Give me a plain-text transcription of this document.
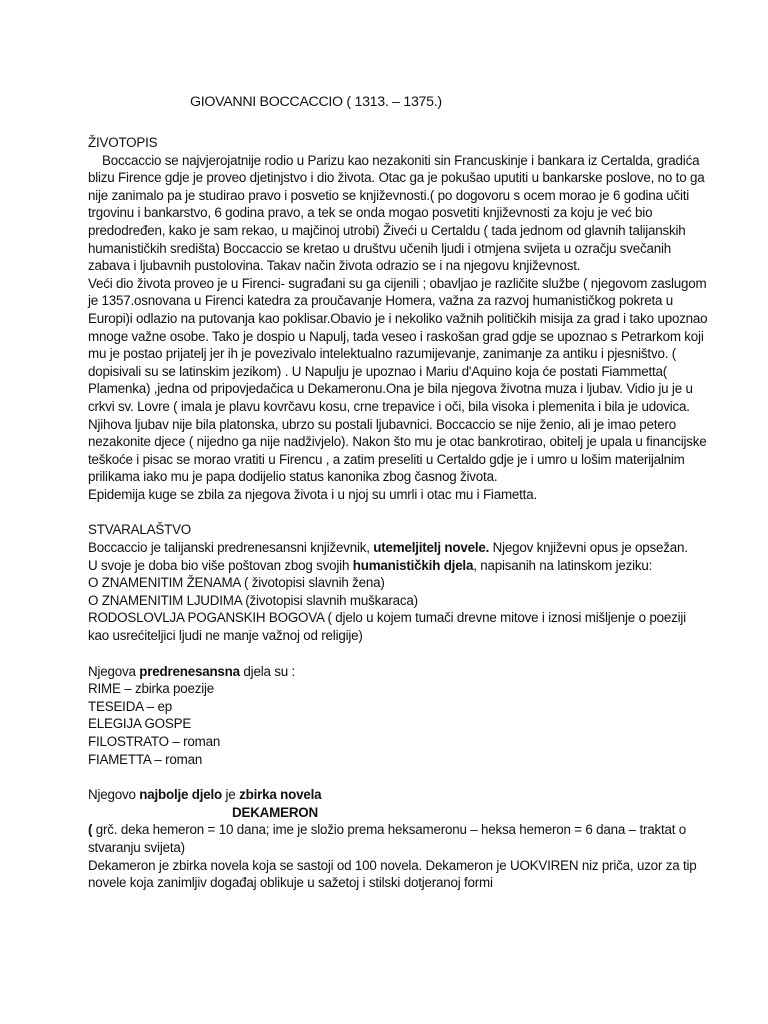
GIOVANNI BOCCACCIO ( 1313. – 1375.)
ŽIVOTOPIS

Boccaccio se najvjerojatnije rodio u Parizu kao nezakoniti sin Francuskinje i bankara iz Certalda, gradića blizu Firence gdje je proveo djetinjstvo i dio života. Otac ga je pokušao uputiti u bankarske poslove, no to ga nije zanimalo pa je studirao pravo i posvetio se književnosti.( po dogovoru s ocem morao je 6 godina učiti trgovinu i bankarstvo, 6 godina pravo, a tek se onda mogao posvetiti književnosti za koju je već bio predodređen, kako je sam rekao, u majčinoj utrobi) Živeći u Certaldu ( tada jednom od glavnih talijanskih humanističkih središta) Boccaccio se kretao u društvu učenih ljudi i otmjena svijeta u ozračju svečanih zabava i ljubavnih pustolovina. Takav način života odrazio se i na njegovu književnost.

Veći dio života proveo je u Firenci- sugrađani su ga cijenili ; obavljao je različite službe ( njegovom zaslugom je 1357.osnovana u Firenci katedra za proučavanje Homera, važna za razvoj humanističkog pokreta u Europi)i odlazio na putovanja kao poklisar.Obavio je i nekoliko važnih političkih misija za grad i tako upoznao mnoge važne osobe. Tako je dospio u Napulj, tada veseo i raskošan grad gdje se upoznao s Petrarkom koji mu je postao prijatelj jer ih je povezivalo intelektualno razumijevanje, zanimanje za antiku i pjesništvo. ( dopisivali su se latinskim jezikom) . U Napulju je upoznao i Mariu d'Aquino koja će postati Fiammetta( Plamenka) ,jedna od pripovjedačica u Dekameronu.Ona je bila njegova životna muza i ljubav. Vidio ju je u crkvi sv. Lovre ( imala je plavu kovrčavu kosu, crne trepavice i oči, bila visoka i plemenita i bila je udovica. Njihova ljubav nije bila platonska, ubrzo su postali ljubavnici. Boccaccio se nije ženio, ali je imao petero nezakonite djece ( nijedno ga nije nadživjelo). Nakon što mu je otac bankrotirao, obitelj je upala u financijske teškoće i pisac se morao vratiti u Firencu , a zatim preseliti u Certaldo gdje je i umro u lošim materijalnim prilikama iako mu je papa dodijelio status kanonika zbog časnog života.

Epidemija kuge se zbila za njegova života i u njoj su umrli i otac mu i Fiametta.

STVARALAŠTVO

Boccaccio je talijanski predrenesansni književnik, utemeljitelj novele. Njegov književni opus je opsežan.

U svoje je doba bio više poštovan zbog svojih humanističkih djela, napisanih na latinskom jeziku:

O ZNAMENITIM ŽENAMA ( životopisi slavnih žena)

O ZNAMENITIM LJUDIMA (životopisi slavnih muškaraca)

RODOSLOVLJA POGANSKIH BOGOVA ( djelo u kojem tumači drevne mitove i iznosi mišljenje o poeziji kao usrećiteljici ljudi ne manje važnoj od religije)

Njegova predrenesansna djela su :

RIME – zbirka poezije

TESEIDA – ep

ELEGIJA GOSPE

FILOSTRATO – roman

FIAMETTA – roman

Njegovo najbolje djelo je zbirka novela

DEKAMERON

( grč. deka hemeron = 10 dana; ime je složio prema heksameronu – heksa hemeron = 6 dana – traktat o stvaranju svijeta)

Dekameron je zbirka novela koja se sastoji od 100 novela. Dekameron je UOKVIREN niz priča, uzor za tip novele koja zanimljiv događaj oblikuje u sažetoj i stilski dotjeranoj formi
